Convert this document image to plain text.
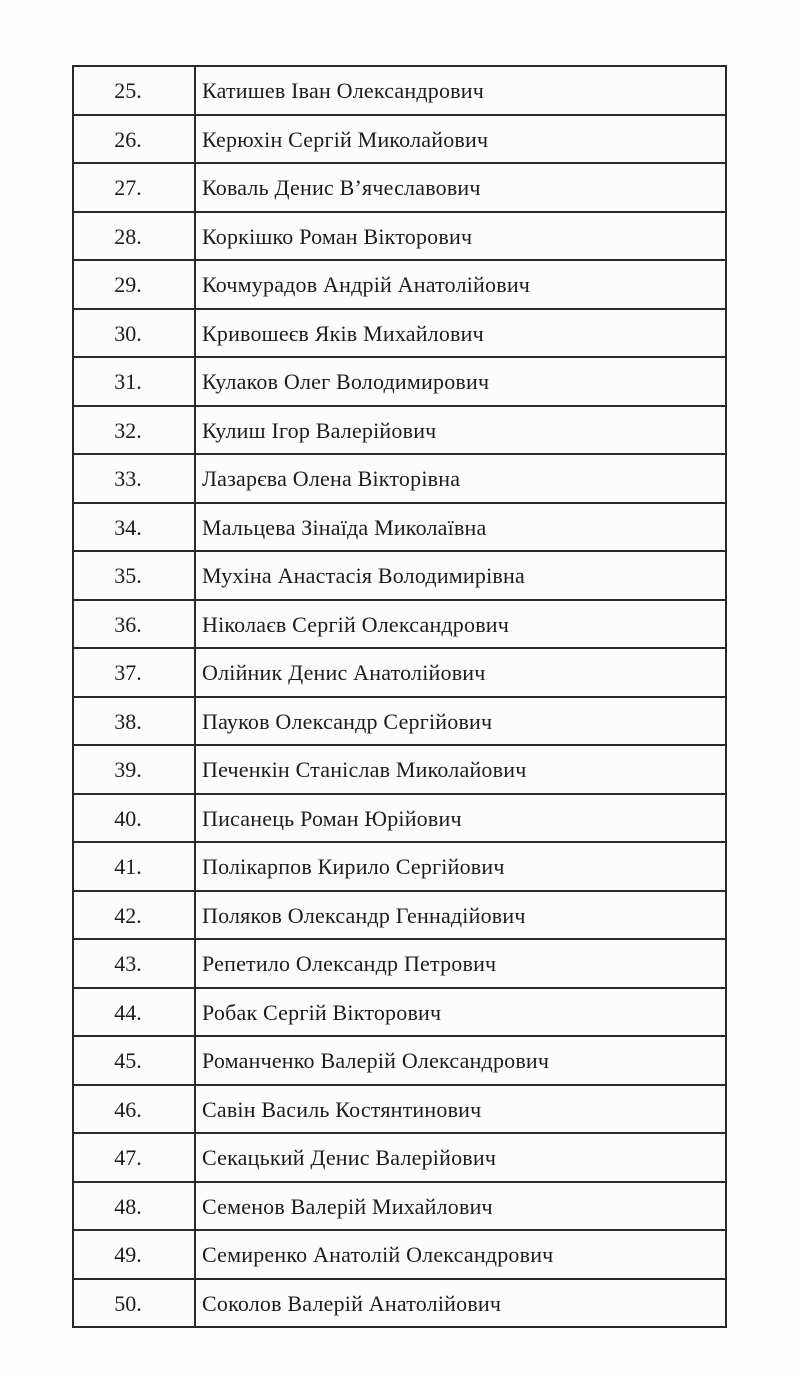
25.	Катишев Іван Олександрович
26.	Керюхін Сергій Миколайович
27.	Коваль Денис В’ячеславович
28.	Коркішко Роман Вікторович
29.	Кочмурадов Андрій Анатолійович
30.	Кривошеєв Яків Михайлович
31.	Кулаков Олег Володимирович
32.	Кулиш Ігор Валерійович
33.	Лазарєва Олена Вікторівна
34.	Мальцева Зінаїда Миколаївна
35.	Мухіна Анастасія Володимирівна
36.	Ніколаєв Сергій Олександрович
37.	Олійник Денис Анатолійович
38.	Пауков Олександр Сергійович
39.	Печенкін Станіслав Миколайович
40.	Писанець Роман Юрійович
41.	Полікарпов Кирило Сергійович
42.	Поляков Олександр Геннадійович
43.	Репетило Олександр Петрович
44.	Робак Сергій Вікторович
45.	Романченко Валерій Олександрович
46.	Савін Василь Костянтинович
47.	Секацький Денис Валерійович
48.	Семенов Валерій Михайлович
49.	Семиренко Анатолій Олександрович
50.	Соколов Валерій Анатолійович
